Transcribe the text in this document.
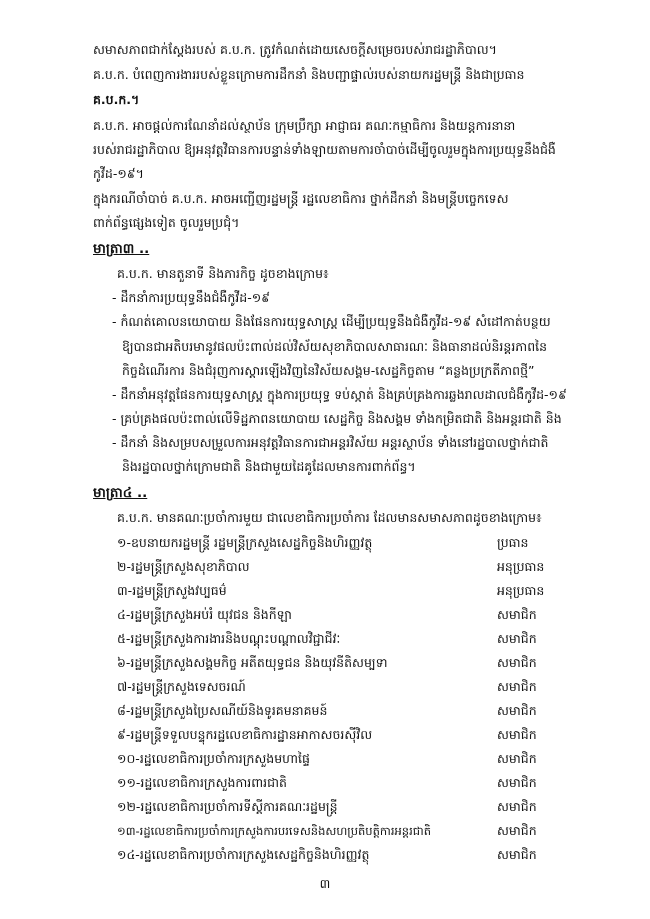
សមាសភាពជាក់ស្តែងរបស់ គ.ប.ក. ត្រូវកំណត់ដោយសេចក្តីសម្រេចរបស់រាជរដ្ឋាភិបាល។
គ.ប.ក. បំពេញការងាររបស់ខ្លួនក្រោមការដឹកនាំ និងបញ្ជាផ្ទាល់របស់នាយករដ្ឋមន្ត្រី និងជាប្រធាន
គ.ប.ក.។
គ.ប.ក. អាចផ្តល់ការណែនាំដល់ស្ថាប័ន ក្រុមប្រឹក្សា អាជ្ញាធរ គណៈកម្មាធិការ និងយន្តការនានា
របស់រាជរដ្ឋាភិបាល ឱ្យអនុវត្តវិធានការបន្ទាន់ទាំងឡាយតាមការចាំបាច់ដើម្បីចូលរួមក្នុងការប្រយុទ្ធនឹងជំងឺ
កូវីដ-១៩។
ក្នុងករណីចាំបាច់ គ.ប.ក. អាចអញ្ជើញរដ្ឋមន្ត្រី រដ្ឋលេខាធិការ ថ្នាក់ដឹកនាំ និងមន្ត្រីបច្ចេកទេស
ពាក់ព័ន្ធផ្សេងទៀត ចូលរួមប្រជុំ។
មាត្រា៣ ..
គ.ប.ក. មានតួនាទី និងភារកិច្ច ដូចខាងក្រោម៖
- ដឹកនាំការប្រយុទ្ធនឹងជំងឺកូវីដ-១៩
- កំណត់គោលនយោបាយ និងផែនការយុទ្ធសាស្ត្រ ដើម្បីប្រយុទ្ធនឹងជំងឺកូវីដ-១៩ សំដៅកាត់បន្ថយ
ឱ្យបានជាអតិបរមានូវផលប៉ះពាល់ដល់វិស័យសុខាភិបាលសាធារណៈ និងធានាដល់និរន្តរភាពនៃ
កិច្ចដំណើរការ និងជំរុញការស្តារឡើងវិញនៃវិស័យសង្គម-សេដ្ឋកិច្ចតាម “គន្លងប្រក្រតីភាពថ្មី”
- ដឹកនាំអនុវត្តផែនការយុទ្ធសាស្ត្រ ក្នុងការប្រយុទ្ធ ទប់ស្កាត់ និងគ្រប់គ្រងការឆ្លងរាលដាលជំងឺកូវីដ-១៩
- គ្រប់គ្រងផលប៉ះពាល់លើទិដ្ឋភាពនយោបាយ សេដ្ឋកិច្ច និងសង្គម ទាំងកម្រិតជាតិ និងអន្តរជាតិ និង
- ដឹកនាំ និងសម្របសម្រួលការអនុវត្តវិធានការជាអន្តរវិស័យ អន្តរស្ថាប័ន ទាំងនៅរដ្ឋបាលថ្នាក់ជាតិ
និងរដ្ឋបាលថ្នាក់ក្រោមជាតិ និងជាមួយដៃគូដែលមានការពាក់ព័ន្ធ។
មាត្រា៤ ..
គ.ប.ក. មានគណៈប្រចាំការមួយ ជាលេខាធិការប្រចាំការ ដែលមានសមាសភាពដូចខាងក្រោម៖
១-ឧបនាយករដ្ឋមន្ត្រី រដ្ឋមន្ត្រីក្រសួងសេដ្ឋកិច្ចនិងហិរញ្ញវត្ថុ	ប្រធាន
២-រដ្ឋមន្ត្រីក្រសួងសុខាភិបាល	អនុប្រធាន
៣-រដ្ឋមន្ត្រីក្រសួងវប្បធម៌	អនុប្រធាន
៤-រដ្ឋមន្ត្រីក្រសួងអប់រំ យុវជន និងកីឡា	សមាជិក
៥-រដ្ឋមន្ត្រីក្រសួងការងារនិងបណ្តុះបណ្តាលវិជ្ជាជីវៈ	សមាជិក
៦-រដ្ឋមន្ត្រីក្រសួងសង្គមកិច្ច អតីតយុទ្ធជន និងយុវនីតិសម្បទា	សមាជិក
៧-រដ្ឋមន្ត្រីក្រសួងទេសចរណ៍	សមាជិក
៨-រដ្ឋមន្ត្រីក្រសួងប្រៃសណីយ៍និងទូរគមនាគមន៍	សមាជិក
៩-រដ្ឋមន្ត្រីទទួលបន្ទុករដ្ឋលេខាធិការដ្ឋានអាកាសចរស៊ីវិល	សមាជិក
១០-រដ្ឋលេខាធិការប្រចាំការក្រសួងមហាផ្ទៃ	សមាជិក
១១-រដ្ឋលេខាធិការក្រសួងការពារជាតិ	សមាជិក
១២-រដ្ឋលេខាធិការប្រចាំការទីស្តីការគណៈរដ្ឋមន្ត្រី	សមាជិក
១៣-រដ្ឋលេខាធិការប្រចាំការក្រសួងការបរទេសនិងសហប្រតិបត្តិការអន្តរជាតិ	សមាជិក
១៤-រដ្ឋលេខាធិការប្រចាំការក្រសួងសេដ្ឋកិច្ចនិងហិរញ្ញវត្ថុ	សមាជិក
៣
